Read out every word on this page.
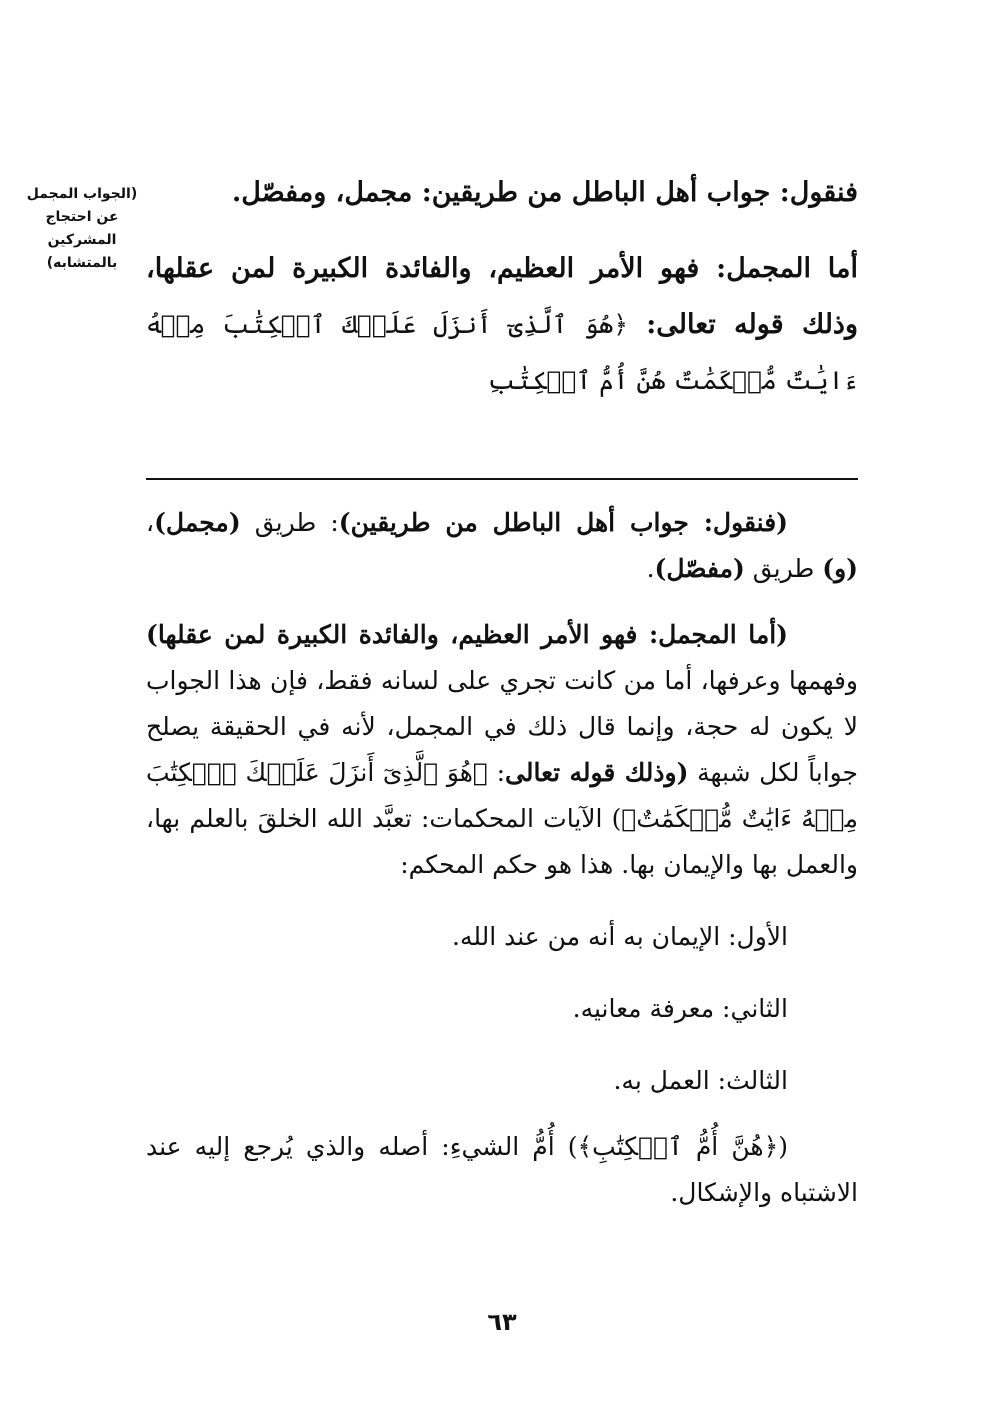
(الجواب المجمل عن احتجاج المشركين بالمتشابه)

فنقول: جواب أهل الباطل من طريقين: مجمل، ومفصّل.

أما المجمل: فهو الأمر العظيم، والفائدة الكبيرة لمن عقلها، وذلك قوله تعالى: ﴿هُوَ ٱلَّذِىٓ أَنزَلَ عَلَيۡكَ ٱلۡكِتَٰبَ مِنۡهُ ءَايَٰتٌ مُّحۡكَمَٰتٌ هُنَّ أُمُّ ٱلۡكِتَٰبِ

(فنقول: جواب أهل الباطل من طريقين): طريق (مجمل)، (و) طريق (مفصّل).

(أما المجمل: فهو الأمر العظيم، والفائدة الكبيرة لمن عقلها) وفهمها وعرفها، أما من كانت تجري على لسانه فقط، فإن هذا الجواب لا يكون له حجة، وإنما قال ذلك في المجمل، لأنه في الحقيقة يصلح جواباً لكل شبهة (وذلك قوله تعالى: ﴿هُوَ ٱلَّذِىٓ أَنزَلَ عَلَيۡكَ ٱلۡكِتَٰبَ مِنۡهُ ءَايَٰتٌ مُّحۡكَمَٰتٌ﴾) الآيات المحكمات: تعبَّد الله الخلقَ بالعلم بها، والعمل بها والإيمان بها. هذا هو حكم المحكم:

الأول: الإيمان به أنه من عند الله.

الثاني: معرفة معانيه.

الثالث: العمل به.

(﴿هُنَّ أُمُّ ٱلۡكِتَٰبِ﴾) أُمُّ الشيءِ: أصله والذي يُرجع إليه عند الاشتباه والإشكال.

٦٣
